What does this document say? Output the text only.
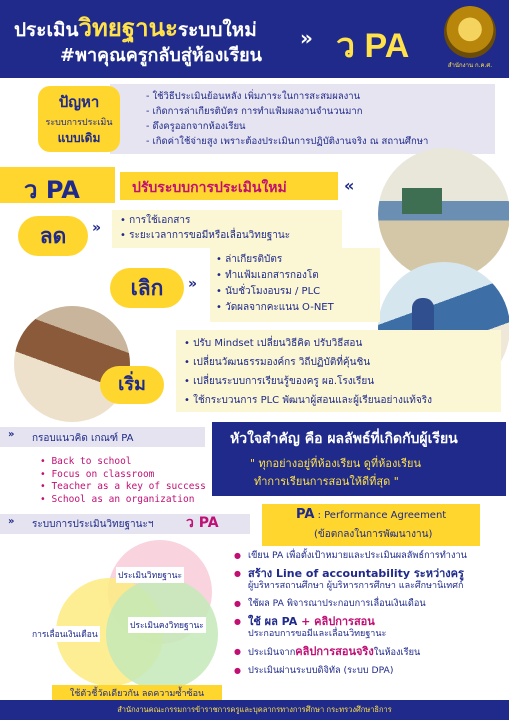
ประเมินวิทยฐานะระบบใหม่
#พาคุณครูกลับสู่ห้องเรียน
» ว PA
สำนักงาน ก.ค.ศ.
ปัญหา
ระบบการประเมิน
แบบเดิม
- ใช้วิธีประเมินย้อนหลัง เพิ่มภาระในการสะสมผลงาน
- เกิดการล่าเกียรติบัตร การทำแฟ้มผลงานจำนวนมาก
- ดึงครูออกจากห้องเรียน
- เกิดค่าใช้จ่ายสูง เพราะต้องประเมินการปฏิบัติงานจริง ณ สถานศึกษา
ว PA	ปรับระบบการประเมินใหม่	«
ลด	» • การใช้เอกสาร
• ระยะเวลาการขอมีหรือเลื่อนวิทยฐานะ
เลิก	»
• ล่าเกียรติบัตร
• ทำแฟ้มเอกสารกองโต
• นับชั่วโมงอบรม / PLC
• วัดผลจากคะแนน O-NET
เริ่ม
• ปรับ Mindset เปลี่ยนวิธีคิด ปรับวิธีสอน
• เปลี่ยนวัฒนธรรมองค์กร วิถีปฏิบัติที่คุ้นชิน
• เปลี่ยนระบบการเรียนรู้ของครู ผอ.โรงเรียน
• ใช้กระบวนการ PLC พัฒนาผู้สอนและผู้เรียนอย่างแท้จริง
» กรอบแนวคิด เกณฑ์ PA
• Back to school
• Focus on classroom
• Teacher as a key of success
• School as an organization
หัวใจสำคัญ คือ ผลลัพธ์ที่เกิดกับผู้เรียน
" ทุกอย่างอยู่ที่ห้องเรียน ดูที่ห้องเรียน
ทำการเรียนการสอนให้ดีที่สุด "
» ระบบการประเมินวิทยฐานะฯ ว PA
PA : Performance Agreement
(ข้อตกลงในการพัฒนางาน)
ประเมินวิทยฐานะ
การเลื่อนเงินเดือน
ประเมินคงวิทยฐานะ
ใช้ตัวชี้วัดเดียวกัน ลดความซ้ำซ้อน
● เขียน PA เพื่อตั้งเป้าหมายและประเมินผลลัพธ์การทำงาน
● สร้าง Line of accountability ระหว่างครู
ผู้บริหารสถานศึกษา ผู้บริหารการศึกษา และศึกษานิเทศก์
● ใช้ผล PA พิจารณาประกอบการเลื่อนเงินเดือน
● ใช้ ผล PA + คลิปการสอน
ประกอบการขอมีและเลื่อนวิทยฐานะ
● ประเมินจากคลิปการสอนจริงในห้องเรียน
● ประเมินผ่านระบบดิจิทัล (ระบบ DPA)
สำนักงานคณะกรรมการข้าราชการครูและบุคลากรทางการศึกษา กระทรวงศึกษาธิการ
